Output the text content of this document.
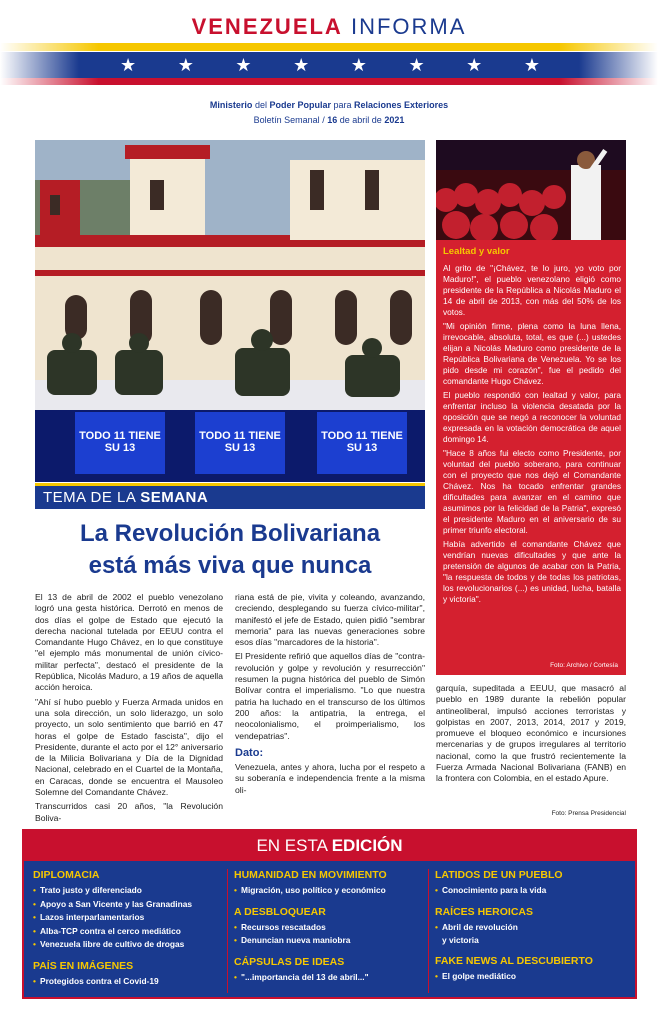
VENEZUELA INFORMA
★ ★ ★ ★ ★ ★ ★ ★
Ministerio del Poder Popular para Relaciones Exteriores
Boletín Semanal / 16 de abril de 2021
TODO 11 TIENE SU 13
TODO 11 TIENE SU 13
TODO 11 TIENE SU 13
TEMA DE LA SEMANA
La Revolución Bolivariana
está más viva que nunca

El 13 de abril de 2002 el pueblo venezolano logró una gesta histórica. Derrotó en menos de dos días el golpe de Estado que ejecutó la derecha nacional tutelada por EEUU contra el Comandante Hugo Chávez, en lo que constituye "el ejemplo más monumental de unión cívico-militar perfecta", destacó el presidente de la República, Nicolás Maduro, a 19 años de aquella acción heroica.

"Ahí sí hubo pueblo y Fuerza Armada unidos en una sola dirección, un solo liderazgo, un solo proyecto, un solo sentimiento que barrió en 47 horas el golpe de Estado fascista", dijo el Presidente, durante el acto por el 12° aniversario de la Milicia Bolivariana y Día de la Dignidad Nacional, celebrado en el Cuartel de la Montaña, en Caracas, donde se encuentra el Mausoleo Solemne del Comandante Chávez.

Transcurridos casi 20 años, "la Revolución Boliva-

riana está de pie, vivita y coleando, avanzando, creciendo, desplegando su fuerza cívico-militar", manifestó el jefe de Estado, quien pidió "sembrar memoria" para las nuevas generaciones sobre esos días "marcadores de la historia".

El Presidente refirió que aquellos días de "contra-revolución y golpe y revolución y resurrección" resumen la pugna histórica del pueblo de Simón Bolívar contra el imperialismo. "Lo que nuestra patria ha luchado en el transcurso de los últimos 200 años: la antipatria, la entrega, el neocolonialismo, el proimperialismo, los vendepatrias".

Dato:

Venezuela, antes y ahora, lucha por el respeto a su soberanía e independencia frente a la misma oli-

garquía, supeditada a EEUU, que masacró al pueblo en 1989 durante la rebelión popular antineoliberal, impulsó acciones terroristas y golpistas en 2007, 2013, 2014, 2017 y 2019, promueve el bloqueo económico e incursiones mercenarias y de grupos irregulares al territorio nacional, como la que frustró recientemente la Fuerza Armada Nacional Bolivariana (FANB) en la frontera con Colombia, en el estado Apure.

Foto: Prensa Presidencial
Lealtad y valor

Al grito de "¡Chávez, te lo juro, yo voto por Maduro!", el pueblo venezolano eligió como presidente de la República a Nicolás Maduro el 14 de abril de 2013, con más del 50% de los votos.

"Mi opinión firme, plena como la luna llena, irrevocable, absoluta, total, es que (...) ustedes elijan a Nicolás Maduro como presidente de la República Bolivariana de Venezuela. Yo se los pido desde mi corazón", fue el pedido del comandante Hugo Chávez.

El pueblo respondió con lealtad y valor, para enfrentar incluso la violencia desatada por la oposición que se negó a reconocer la voluntad expresada en la votación democrática de aquel domingo 14.

"Hace 8 años fui electo como Presidente, por voluntad del pueblo soberano, para continuar con el proyecto que nos dejó el Comandante Chávez. Nos ha tocado enfrentar grandes dificultades para avanzar en el camino que asumimos por la felicidad de la Patria", expresó el presidente Maduro en el aniversario de su primer triunfo electoral.

Había advertido el comandante Chávez que vendrían nuevas dificultades y que ante la pretensión de algunos de acabar con la Patria, "la respuesta de todos y de todas los patriotas, los revolucionarios (...) es unidad, lucha, batalla y victoria".

Foto: Archivo / Cortesía
EN ESTA EDICIÓN
DIPLOMACIA
• Trato justo y diferenciado
• Apoyo a San Vicente y las Granadinas
• Lazos interparlamentarios
• Alba-TCP contra el cerco mediático
• Venezuela libre de cultivo de drogas
PAÍS EN IMÁGENES
• Protegidos contra el Covid-19
HUMANIDAD EN MOVIMIENTO
• Migración, uso político y económico
A DESBLOQUEAR
• Recursos rescatados
• Denuncian nueva maniobra
CÁPSULAS DE IDEAS
• "...importancia del 13 de abril..."
LATIDOS DE UN PUEBLO
• Conocimiento para la vida
RAÍCES HEROICAS
• Abril de revolución
y victoria
FAKE NEWS AL DESCUBIERTO
• El golpe mediático
